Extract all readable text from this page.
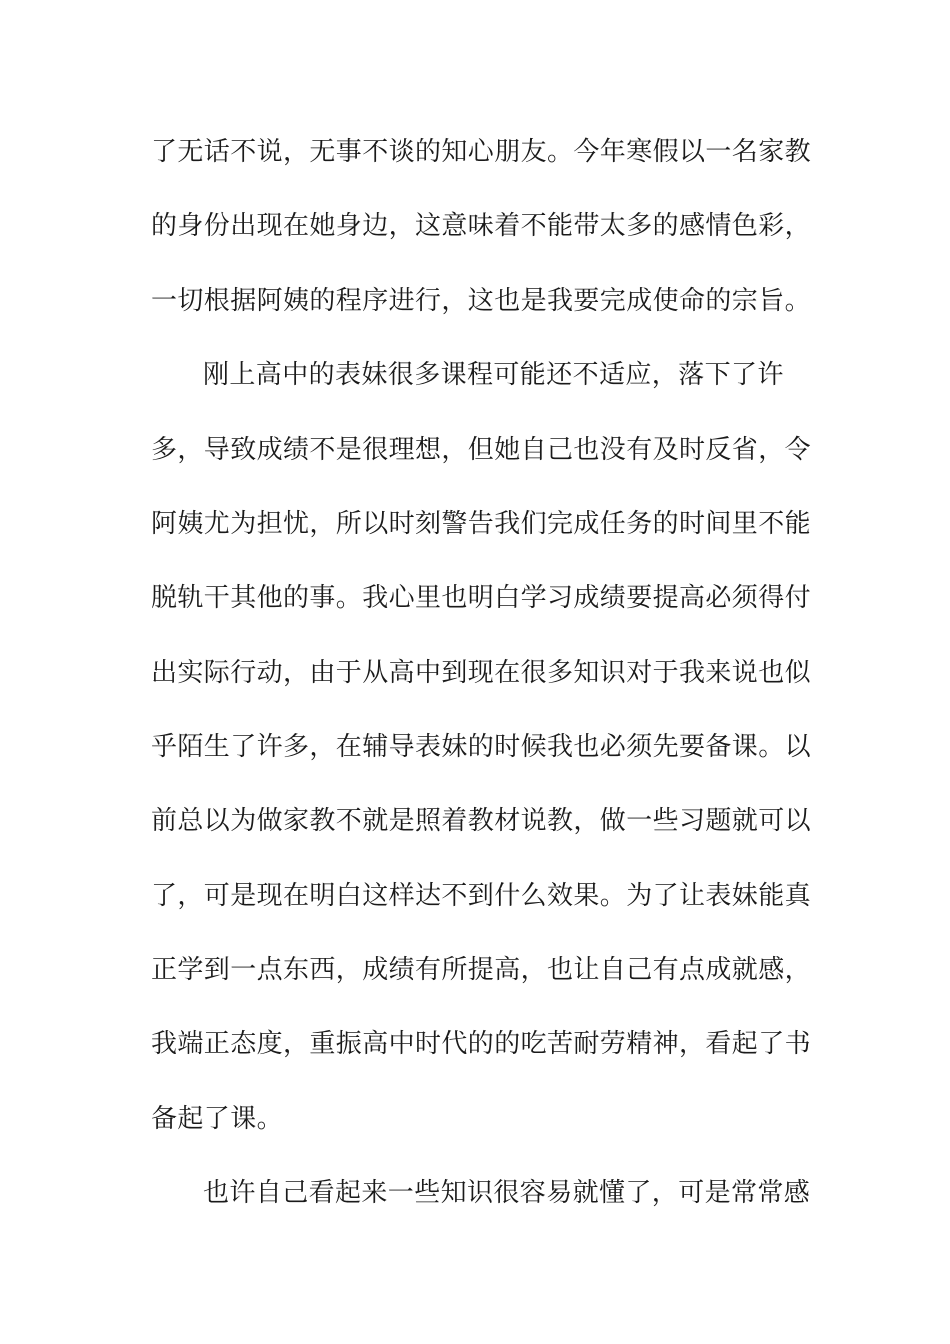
了无话不说，无事不谈的知心朋友。今年寒假以一名家教
的身份出现在她身边，这意味着不能带太多的感情色彩，
一切根据阿姨的程序进行，这也是我要完成使命的宗旨。
刚上高中的表妹很多课程可能还不适应，落下了许
多，导致成绩不是很理想，但她自己也没有及时反省，令
阿姨尤为担忧，所以时刻警告我们完成任务的时间里不能
脱轨干其他的事。我心里也明白学习成绩要提高必须得付
出实际行动，由于从高中到现在很多知识对于我来说也似
乎陌生了许多，在辅导表妹的时候我也必须先要备课。以
前总以为做家教不就是照着教材说教，做一些习题就可以
了，可是现在明白这样达不到什么效果。为了让表妹能真
正学到一点东西，成绩有所提高，也让自己有点成就感，
我端正态度，重振高中时代的的吃苦耐劳精神，看起了书
备起了课。
也许自己看起来一些知识很容易就懂了，可是常常感
